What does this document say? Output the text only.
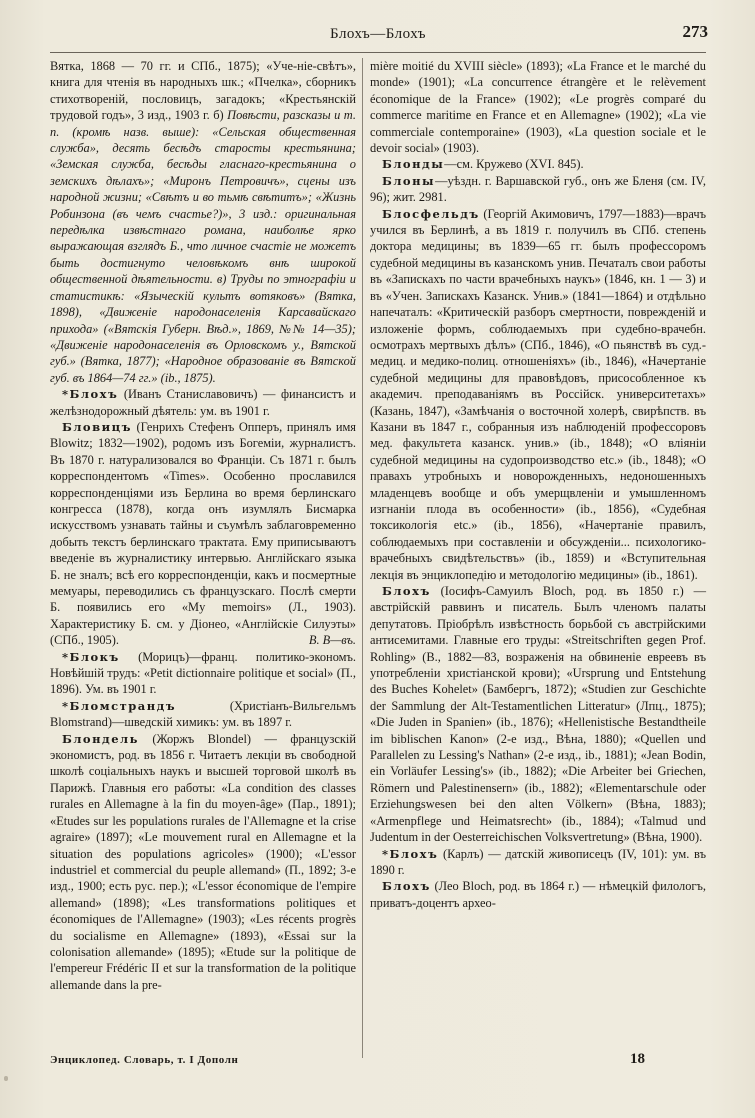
Блохъ—Блохъ	273

Вятка, 1868 — 70 гг. и СПб., 1875); «Уче-ніе-свѣтъ», книга для чтенія въ народныхъ шк.; «Пчелка», сборникъ стихотвореній, пословицъ, загадокъ; «Крестьянскій трудовой годъ», 3 изд., 1903 г. б) Повѣсти, разсказы и т. п. (кромѣ назв. выше): «Сельская общественная служба», десять бесѣдъ старосты крестьянина; «Земская служба, бесѣды гласнаго-крестьянина о земскихъ дѣлахъ»; «Миронъ Петровичъ», сцены изъ народной жизни; «Свѣтъ и во тьмѣ свѣтитъ»; «Жизнь Робинзона (въ чемъ счастье?)», 3 изд.: оригинальная передѣлка извѣстнаго романа, наиболѣе ярко выражающая взглядъ Б., что личное счастіе не можетъ быть достигнуто человѣкомъ внѣ широкой общественной дѣятельности. в) Труды по этнографіи и статистикѣ: «Языческій культъ вотяковъ» (Вятка, 1898), «Движеніе народонаселенія Карсавайскаго прихода» («Вятскія Губерн. Вѣд.», 1869, №№ 14—35); «Движеніе народонаселенія въ Орловскомъ у., Вятской губ.» (Вятка, 1877); «Народное образованіе въ Вятской губ. въ 1864—74 гг.» (ib., 1875).

*Блохъ (Иванъ Станиславовичъ) — финансистъ и желѣзнодорожный дѣятель: ум. въ 1901 г.

Бловицъ (Генрихъ Стефенъ Опперъ, принялъ имя Blowitz; 1832—1902), родомъ изъ Богеміи, журналистъ. Въ 1870 г. натурализовался во Франціи. Съ 1871 г. былъ корреспондентомъ «Times». Особенно прославился корреспонденціями изъ Берлина во время берлинскаго конгресса (1878), когда онъ изумлялъ Бисмарка искусствомъ узнавать тайны и съумѣлъ заблаговременно добыть текстъ берлинскаго трактата. Ему приписываютъ введеніе въ журналистику интервью. Англійскаго языка Б. не зналъ; всѣ его корреспонденціи, какъ и посмертные мемуары, переводились съ французскаго. Послѣ смерти Б. появились его «My memoirs» (Л., 1903). Характеристику Б. см. у Діонео, «Англійскіе Силуэты» (СПб., 1905).	В. В—въ.

*Блокъ (Морицъ)—франц. политико-экономъ. Новѣйшій трудъ: «Petit dictionnaire politique et social» (П., 1896). Ум. въ 1901 г.

*Бломстрандъ (Христіанъ-Вильгельмъ Blomstrand)—шведскій химикъ: ум. въ 1897 г.

Блондель (Жоржъ Blondel) — французскій экономистъ, род. въ 1856 г. Читаетъ лекціи въ свободной школѣ соціальныхъ наукъ и высшей торговой школѣ въ Парижѣ. Главныя его работы: «La condition des classes rurales en Allemagne à la fin du moyen-âge» (Пар., 1891); «Etudes sur les populations rurales de l'Allemagne et la crise agraire» (1897); «Le mouvement rural en Allemagne et la situation des populations agricoles» (1900); «L'essor industriel et commercial du peuple allemand» (П., 1892; 3-е изд., 1900; есть рус. пер.); «L'essor économique de l'empire allemand» (1898); «Les transformations politiques et économiques de l'Allemagne» (1903); «Les récents progrès du socialisme en Allemagne» (1893), «Essai sur la colonisation allemande» (1895); «Etude sur la politique de l'empereur Frédéric II et sur la transformation de la politique allemande dans la pre-

mière moitié du XVIII siècle» (1893); «La France et le marché du monde» (1901); «La concurrence étrangère et le relèvement économique de la France» (1902); «Le progrès comparé du commerce maritime en France et en Allemagne» (1902); «La vie commerciale contemporaine» (1903), «La question sociale et le devoir social» (1903).

Блонды—см. Кружево (XVI. 845).

Блоны—уѣздн. г. Варшавской губ., онъ же Бленя (см. IV, 96); жит. 2981.

Блосфельдъ (Георгій Акимовичъ, 1797—1883)—врачъ учился въ Берлинѣ, а въ 1819 г. получилъ въ СПб. степень доктора медицины; въ 1839—65 гг. былъ профессоромъ судебной медицины въ казанскомъ унив. Печаталъ свои работы въ «Запискахъ по части врачебныхъ наукъ» (1846, кн. 1 — 3) и въ «Учен. Запискахъ Казанск. Унив.» (1841—1864) и отдѣльно напечаталъ: «Критическій разборъ смертности, поврежденій и изложеніе формъ, соблюдаемыхъ при судебно-врачебн. осмотрахъ мертвыхъ дѣлъ» (СПб., 1846), «О пьянствѣ въ суд.-медиц. и медико-полиц. отношеніяхъ» (ib., 1846), «Начертаніе судебной медицины для правовѣдовъ, присособленное къ академич. преподаваніямъ въ Россійск. университетахъ» (Казань, 1847), «Замѣчанія о восточной холерѣ, свирѣпств. въ Казани въ 1847 г., собранныя изъ наблюденій профессоровъ мед. факультета казанск. унив.» (ib., 1848); «О вліяніи судебной медицины на судопроизводство etc.» (ib., 1848); «О правахъ утробныхъ и новорожденныхъ, недоношенныхъ младенцевъ вообще и объ умерщвленіи и умышленномъ изгнаніи плода въ особенности» (ib., 1856), «Судебная токсикологія etc.» (ib., 1856), «Начертаніе правилъ, соблюдаемыхъ при составленіи и обсужденіи... психологико-врачебныхъ свидѣтельствъ» (ib., 1859) и «Вступительная лекція въ энциклопедію и методологію медицины» (ib., 1861).

Блохъ (Іосифъ-Самуилъ Bloch, род. въ 1850 г.) — австрійскій раввинъ и писатель. Былъ членомъ палаты депутатовъ. Пріобрѣлъ извѣстность борьбой съ австрійскими антисемитами. Главные его труды: «Streitschriften gegen Prof. Rohling» (В., 1882—83, возраженія на обвиненіе евреевъ въ употребленіи христіанской крови); «Ursprung und Entstehung des Buches Kohelet» (Бамбергъ, 1872); «Studien zur Geschichte der Sammlung der Alt-Testamentlichen Litteratur» (Лпц., 1875); «Die Juden in Spanien» (ib., 1876); «Hellenistische Bestandtheile im biblischen Kanon» (2-е изд., Вѣна, 1880); «Quellen und Parallelen zu Lessing's Nathan» (2-е изд., ib., 1881); «Jean Bodin, ein Vorläufer Lessing's» (ib., 1882); «Die Arbeiter bei Griechen, Römern und Palestinensern» (ib., 1882); «Elementarschule oder Erziehungswesen bei den alten Völkern» (Вѣна, 1883); «Armenpflege und Heimatsrecht» (ib., 1884); «Talmud und Judentum in der Oesterreichischen Volksvertretung» (Вѣна, 1900).

*Блохъ (Карлъ) — датскій живописецъ (IV, 101): ум. въ 1890 г.

Блохъ (Лео Bloch, род. въ 1864 г.) — нѣмецкій филологъ, приватъ-доцентъ археo-

Энциклопед. Словарь, т. I Дополн	18
